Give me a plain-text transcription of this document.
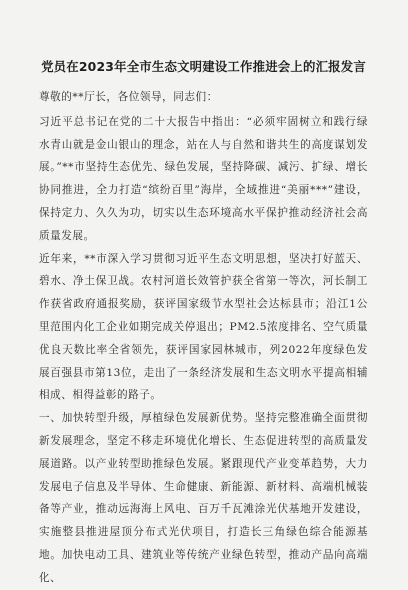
党员在2023年全市生态文明建设工作推进会上的汇报发言

尊敬的**厅长，各位领导，同志们：

习近平总书记在党的二十大报告中指出：“必须牢固树立和践行绿水青山就是金山银山的理念，站在人与自然和谐共生的高度谋划发展。”**市坚持生态优先、绿色发展，坚持降碳、减污、扩绿、增长协同推进，全力打造“缤纷百里”海岸，全域推进“美丽***”建设，保持定力、久久为功，切实以生态环境高水平保护推动经济社会高质量发展。

近年来，**市深入学习贯彻习近平生态文明思想，坚决打好蓝天、碧水、净土保卫战。农村河道长效管护获全省第一等次，河长制工作获省政府通报奖励，获评国家级节水型社会达标县市；沿江1公里范围内化工企业如期完成关停退出；PM2.5浓度排名、空气质量优良天数比率全省领先，获评国家园林城市，列2022年度绿色发展百强县市第13位，走出了一条经济发展和生态文明水平提高相辅相成、相得益彰的路子。

一、加快转型升级，厚植绿色发展新优势。坚持完整准确全面贯彻新发展理念，坚定不移走环境优化增长、生态促进转型的高质量发展道路。以产业转型助推绿色发展。紧跟现代产业变革趋势，大力发展电子信息及半导体、生命健康、新能源、新材料、高端机械装备等产业，推动远海海上风电、百万千瓦滩涂光伏基地开发建设，实施整县推进屋顶分布式光伏项目，打造长三角绿色综合能源基地。加快电动工具、建筑业等传统产业绿色转型，推动产品向高端化、
